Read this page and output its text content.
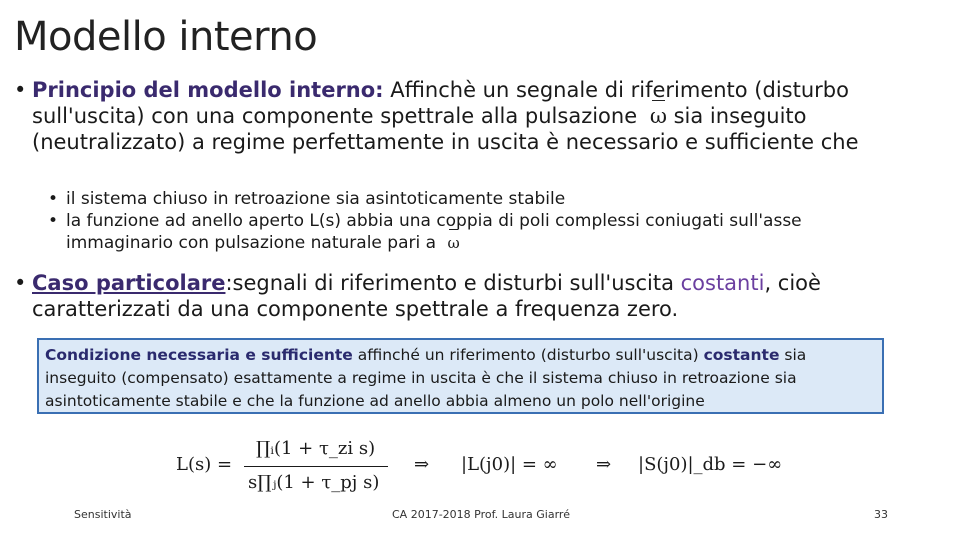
Modello interno
• Principio del modello interno: Affinchè un segnale di riferimento (disturbo sull'uscita) con una componente spettrale alla pulsazione ω sia inseguito (neutralizzato) a regime perfettamente in uscita è necessario e sufficiente che
• il sistema chiuso in retroazione sia asintoticamente stabile
• la funzione ad anello aperto L(s) abbia una coppia di poli complessi coniugati sull'asse immaginario con pulsazione naturale pari a ω
• Caso particolare:segnali di riferimento e disturbi sull'uscita costanti, cioè caratterizzati da una componente spettrale a frequenza zero.
Condizione necessaria e sufficiente affinché un riferimento (disturbo sull'uscita) costante sia inseguito (compensato) esattamente a regime in uscita è che il sistema chiuso in retroazione sia asintoticamente stabile e che la funzione ad anello abbia almeno un polo nell'origine
L(s) =
∏ᵢ(1 + τ_zi s)
s∏ⱼ(1 + τ_pj s)
⇒ |L(j0)| = ∞ ⇒ |S(j0)|_db = −∞
Sensitività	CA 2017-2018 Prof. Laura Giarré	33
